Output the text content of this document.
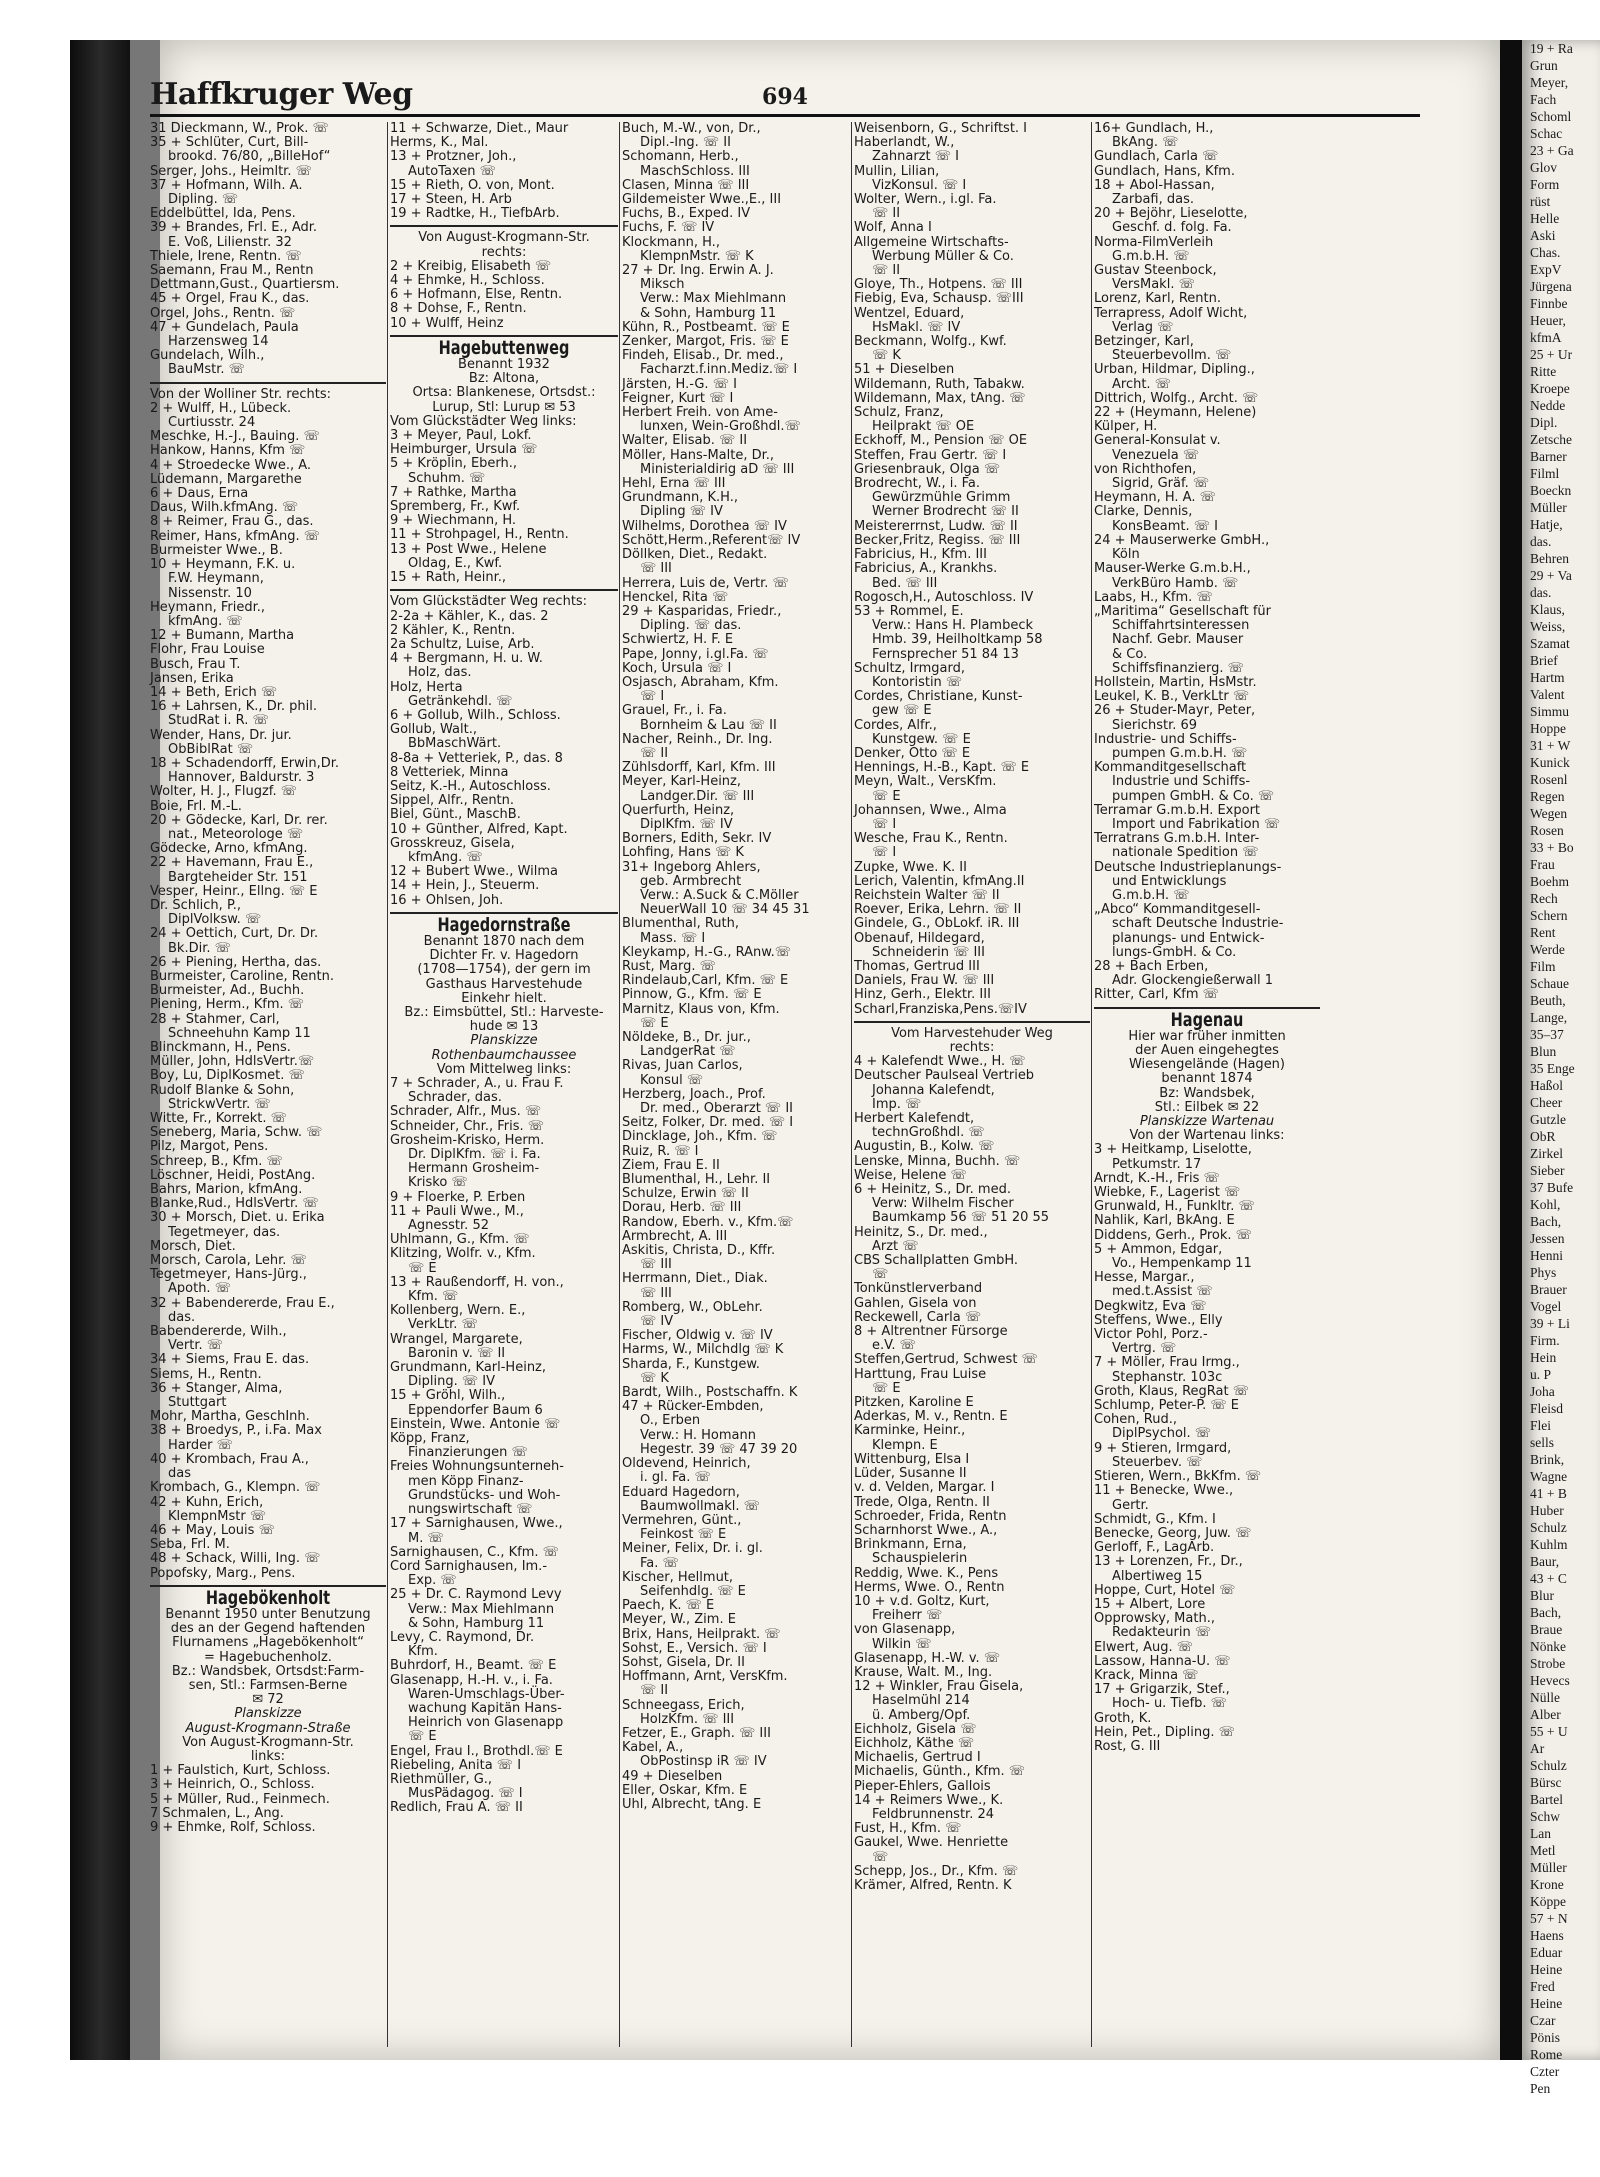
19 + Ra
Grun
Meyer,
Fach
Schoml
Schac
23 + Ga
Glov
Form
rüst
Helle
Aski
Chas.
ExpV
Jürgena
Finnbe
Heuer,
kfmA
25 + Ur
Ritte
Kroepe
Nedde
Dipl.
Zetsche
Barner
Filml
Boeckn
Müller
Hatje,
das.
Behren
29 + Va
das.
Klaus,
Weiss,
Szamat
Brief
Hartm
Valent
Simmu
Hoppe
31 + W
Kunick
Rosenl
Regen
Wegen
Rosen
33 + Bo
Frau
Boehm
Rech
Schern
Rent
Werde
Film
Schaue
Beuth,
Lange,
35–37
Blun
35 Enge
Haßol
Cheer
Gutzle
ObR
Zirkel
Sieber
37 Bufe
Kohl,
Bach,
Jessen
Henni
Phys
Brauer
Vogel
39 + Li
Firm.
Hein
u. P
Joha
Fleisd
Flei
sells
Brink,
Wagne
41 + B
Huber
Schulz
Kuhlm
Baur,
43 + C
Blur
Bach,
Braue
Nönke
Strobe
Hevecs
Nülle
Alber
55 + U
Ar
Schulz
Bürsc
Bartel
Schw
Lan
Metl
Müller
Krone
Köppe
57 + N
Haens
Eduar
Heine
Fred
Heine
Czar
Pönis
Rome
Czter
Pen
Haffkruger Weg	694
31 Dieckmann, W., Prok. ☏
35 + Schlüter, Curt, Bill-
brookd. 76/80, „BilleHof“
Serger, Johs., Heimltr. ☏
37 + Hofmann, Wilh. A.
Dipling. ☏
Eddelbüttel, Ida, Pens.
39 + Brandes, Frl. E., Adr.
E. Voß, Lilienstr. 32
Thiele, Irene, Rentn. ☏
Saemann, Frau M., Rentn
Dettmann,Gust., Quartiersm.
45 + Orgel, Frau K., das.
Orgel, Johs., Rentn. ☏
47 + Gundelach, Paula
Harzensweg 14
Gundelach, Wilh.,
BauMstr. ☏
Von der Wolliner Str. rechts:
2 + Wulff, H., Lübeck.
Curtiusstr. 24
Meschke, H.-J., Bauing. ☏
Hankow, Hanns, Kfm ☏
4 + Stroedecke Wwe., A.
Lüdemann, Margarethe
6 + Daus, Erna
Daus, Wilh.kfmAng. ☏
8 + Reimer, Frau G., das.
Reimer, Hans, kfmAng. ☏
Burmeister Wwe., B.
10 + Heymann, F.K. u.
F.W. Heymann,
Nissenstr. 10
Heymann, Friedr.,
kfmAng. ☏
12 + Bumann, Martha
Flohr, Frau Louise
Busch, Frau T.
Jansen, Erika
14 + Beth, Erich ☏
16 + Lahrsen, K., Dr. phil.
StudRat i. R. ☏
Wender, Hans, Dr. jur.
ObBiblRat ☏
18 + Schadendorff, Erwin,Dr.
Hannover, Baldurstr. 3
Wolter, H. J., Flugzf. ☏
Boie, Frl. M.-L.
20 + Gödecke, Karl, Dr. rer.
nat., Meteorologe ☏
Gödecke, Arno, kfmAng.
22 + Havemann, Frau E.,
Bargteheider Str. 151
Vesper, Heinr., Ellng. ☏ E
Dr. Schlich, P.,
DiplVolksw. ☏
24 + Oettich, Curt, Dr. Dr.
Bk.Dir. ☏
26 + Piening, Hertha, das.
Burmeister, Caroline, Rentn.
Burmeister, Ad., Buchh.
Piening, Herm., Kfm. ☏
28 + Stahmer, Carl,
Schneehuhn Kamp 11
Blinckmann, H., Pens.
Müller, John, HdlsVertr.☏
Boy, Lu, DiplKosmet. ☏
Rudolf Blanke & Sohn,
StrickwVertr. ☏
Witte, Fr., Korrekt. ☏
Seneberg, Maria, Schw. ☏
Pilz, Margot, Pens.
Schreep, B., Kfm. ☏
Löschner, Heidi, PostAng.
Bahrs, Marion, kfmAng.
Blanke,Rud., HdlsVertr. ☏
30 + Morsch, Diet. u. Erika
Tegetmeyer, das.
Morsch, Diet.
Morsch, Carola, Lehr. ☏
Tegetmeyer, Hans-Jürg.,
Apoth. ☏
32 + Babendererde, Frau E.,
das.
Babendererde, Wilh.,
Vertr. ☏
34 + Siems, Frau E. das.
Siems, H., Rentn.
36 + Stanger, Alma,
Stuttgart
Mohr, Martha, GeschInh.
38 + Broedys, P., i.Fa. Max
Harder ☏
40 + Krombach, Frau A.,
das
Krombach, G., Klempn. ☏
42 + Kuhn, Erich,
KlempnMstr ☏
46 + May, Louis ☏
Seba, Frl. M.
48 + Schack, Willi, Ing. ☏
Popofsky, Marg., Pens.
Hagebökenholt
Benannt 1950 unter Benutzung
des an der Gegend haftenden
Flurnamens „Hagebökenholt“
= Hagebuchenholz.
Bz.: Wandsbek, Ortsdst:Farm-
sen, Stl.: Farmsen-Berne
✉ 72
Planskizze
August-Krogmann-Straße
Von August-Krogmann-Str.
links:
1 + Faulstich, Kurt, Schloss.
3 + Heinrich, O., Schloss.
5 + Müller, Rud., Feinmech.
7 Schmalen, L., Ang.
9 + Ehmke, Rolf, Schloss.
11 + Schwarze, Diet., Maur
Herms, K., Mal.
13 + Protzner, Joh.,
AutoTaxen ☏
15 + Rieth, O. von, Mont.
17 + Steen, H. Arb
19 + Radtke, H., TiefbArb.
Von August-Krogmann-Str.
rechts:
2 + Kreibig, Elisabeth ☏
4 + Ehmke, H., Schloss.
6 + Hofmann, Else, Rentn.
8 + Dohse, F., Rentn.
10 + Wulff, Heinz
Hagebuttenweg
Benannt 1932
Bz: Altona,
Ortsa: Blankenese, Ortsdst.:
Lurup, Stl: Lurup ✉ 53
Vom Glückstädter Weg links:
3 + Meyer, Paul, Lokf.
Heimburger, Ursula ☏
5 + Kröplin, Eberh.,
Schuhm. ☏
7 + Rathke, Martha
Spremberg, Fr., Kwf.
9 + Wiechmann, H.
11 + Strohpagel, H., Rentn.
13 + Post Wwe., Helene
Oldag, E., Kwf.
15 + Rath, Heinr.,
Vom Glückstädter Weg rechts:
2-2a + Kähler, K., das. 2
2 Kähler, K., Rentn.
2a Schultz, Luise, Arb.
4 + Bergmann, H. u. W.
Holz, das.
Holz, Herta
Getränkehdl. ☏
6 + Gollub, Wilh., Schloss.
Gollub, Walt.,
BbMaschWärt.
8-8a + Vetteriek, P., das. 8
8 Vetteriek, Minna
Seitz, K.-H., Autoschloss.
Sippel, Alfr., Rentn.
Biel, Günt., MaschB.
10 + Günther, Alfred, Kapt.
Grosskreuz, Gisela,
kfmAng. ☏
12 + Bubert Wwe., Wilma
14 + Hein, J., Steuerm.
16 + Ohlsen, Joh.
Hagedornstraße
Benannt 1870 nach dem
Dichter Fr. v. Hagedorn
(1708—1754), der gern im
Gasthaus Harvestehude
Einkehr hielt.
Bz.: Eimsbüttel, Stl.: Harveste-
hude ✉ 13
Planskizze
Rothenbaumchaussee
Vom Mittelweg links:
7 + Schrader, A., u. Frau F.
Schrader, das.
Schrader, Alfr., Mus. ☏
Schneider, Chr., Fris. ☏
Grosheim-Krisko, Herm.
Dr. DiplKfm. ☏ i. Fa.
Hermann Grosheim-
Krisko ☏
9 + Floerke, P. Erben
11 + Pauli Wwe., M.,
Agnesstr. 52
Uhlmann, G., Kfm. ☏
Klitzing, Wolfr. v., Kfm.
☏ E
13 + Raußendorff, H. von.,
Kfm. ☏
Kollenberg, Wern. E.,
VerkLtr. ☏
Wrangel, Margarete,
Baronin v. ☏ II
Grundmann, Karl-Heinz,
Dipling. ☏ IV
15 + Gröhl, Wilh.,
Eppendorfer Baum 6
Einstein, Wwe. Antonie ☏
Köpp, Franz,
Finanzierungen ☏
Freies Wohnungsunterneh-
men Köpp Finanz-
Grundstücks- und Woh-
nungswirtschaft ☏
17 + Sarnighausen, Wwe.,
M. ☏
Sarnighausen, C., Kfm. ☏
Cord Sarnighausen, Im.-
Exp. ☏
25 + Dr. C. Raymond Levy
Verw.: Max Miehlmann
& Sohn, Hamburg 11
Levy, C. Raymond, Dr.
Kfm.
Buhrdorf, H., Beamt. ☏ E
Glasenapp, H.-H. v., i. Fa.
Waren-Umschlags-Über-
wachung Kapitän Hans-
Heinrich von Glasenapp
☏ E
Engel, Frau I., Brothdl.☏ E
Riebeling, Anita ☏ I
Riethmüller, G.,
MusPädagog. ☏ I
Redlich, Frau A. ☏ II
Buch, M.-W., von, Dr.,
Dipl.-Ing. ☏ II
Schomann, Herb.,
MaschSchloss. III
Clasen, Minna ☏ III
Gildemeister Wwe.,E., III
Fuchs, B., Exped. IV
Fuchs, F. ☏ IV
Klockmann, H.,
KlempnMstr. ☏ K
27 + Dr. Ing. Erwin A. J.
Miksch
Verw.: Max Miehlmann
& Sohn, Hamburg 11
Kühn, R., Postbeamt. ☏ E
Zenker, Margot, Fris. ☏ E
Findeh, Elisab., Dr. med.,
Facharzt.f.inn.Mediz.☏ I
Järsten, H.-G. ☏ I
Feigner, Kurt ☏ I
Herbert Freih. von Ame-
lunxen, Wein-Großhdl.☏
Walter, Elisab. ☏ II
Möller, Hans-Malte, Dr.,
Ministerialdirig aD ☏ III
Hehl, Erna ☏ III
Grundmann, K.H.,
Dipling ☏ IV
Wilhelms, Dorothea ☏ IV
Schött,Herm.,Referent☏ IV
Döllken, Diet., Redakt.
☏ III
Herrera, Luis de, Vertr. ☏
Henckel, Rita ☏
29 + Kasparidas, Friedr.,
Dipling. ☏ das.
Schwiertz, H. F. E
Pape, Jonny, i.gl.Fa. ☏
Koch, Ursula ☏ I
Osjasch, Abraham, Kfm.
☏ I
Grauel, Fr., i. Fa.
Bornheim & Lau ☏ II
Nacher, Reinh., Dr. Ing.
☏ II
Zühlsdorff, Karl, Kfm. III
Meyer, Karl-Heinz,
Landger.Dir. ☏ III
Querfurth, Heinz,
DiplKfm. ☏ IV
Borners, Edith, Sekr. IV
Lohfing, Hans ☏ K
31+ Ingeborg Ahlers,
geb. Armbrecht
Verw.: A.Suck & C.Möller
NeuerWall 10 ☏ 34 45 31
Blumenthal, Ruth,
Mass. ☏ I
Kleykamp, H.-G., RAnw.☏
Rust, Marg. ☏
Rindelaub,Carl, Kfm. ☏ E
Pinnow, G., Kfm. ☏ E
Marnitz, Klaus von, Kfm.
☏ E
Nöldeke, B., Dr. jur.,
LandgerRat ☏
Rivas, Juan Carlos,
Konsul ☏
Herzberg, Joach., Prof.
Dr. med., Oberarzt ☏ II
Seitz, Folker, Dr. med. ☏ I
Dincklage, Joh., Kfm. ☏
Ruiz, R. ☏ I
Ziem, Frau E. II
Blumenthal, H., Lehr. II
Schulze, Erwin ☏ II
Dorau, Herb. ☏ III
Randow, Eberh. v., Kfm.☏
Armbrecht, A. III
Askitis, Christa, D., Kffr.
☏ III
Herrmann, Diet., Diak.
☏ III
Romberg, W., ObLehr.
☏ IV
Fischer, Oldwig v. ☏ IV
Harms, W., Milchdlg ☏ K
Sharda, F., Kunstgew.
☏ K
Bardt, Wilh., Postschaffn. K
47 + Rücker-Embden,
O., Erben
Verw.: H. Homann
Hegestr. 39 ☏ 47 39 20
Oldevend, Heinrich,
i. gl. Fa. ☏
Eduard Hagedorn,
Baumwollmakl. ☏
Vermehren, Günt.,
Feinkost ☏ E
Meiner, Felix, Dr. i. gl.
Fa. ☏
Kischer, Hellmut,
Seifenhdlg. ☏ E
Paech, K. ☏ E
Meyer, W., Zim. E
Brix, Hans, Heilprakt. ☏
Sohst, E., Versich. ☏ I
Sohst, Gisela, Dr. II
Hoffmann, Arnt, VersKfm.
☏ II
Schneegass, Erich,
HolzKfm. ☏ III
Fetzer, E., Graph. ☏ III
Kabel, A.,
ObPostinsp iR ☏ IV
49 + Dieselben
Eller, Oskar, Kfm. E
Uhl, Albrecht, tAng. E
Weisenborn, G., Schriftst. I
Haberlandt, W.,
Zahnarzt ☏ I
Mullin, Lilian,
VizKonsul. ☏ I
Wolter, Wern., i.gl. Fa.
☏ II
Wolf, Anna I
Allgemeine Wirtschafts-
Werbung Müller & Co.
☏ II
Gloye, Th., Hotpens. ☏ III
Fiebig, Eva, Schausp. ☏III
Wentzel, Eduard,
HsMakl. ☏ IV
Beckmann, Wolfg., Kwf.
☏ K
51 + Dieselben
Wildemann, Ruth, Tabakw.
Wildemann, Max, tAng. ☏
Schulz, Franz,
Heilprakt ☏ OE
Eckhoff, M., Pension ☏ OE
Steffen, Frau Gertr. ☏ I
Griesenbrauk, Olga ☏
Brodrecht, W., i. Fa.
Gewürzmühle Grimm
Werner Brodrecht ☏ II
Meistererrnst, Ludw. ☏ II
Becker,Fritz, Regiss. ☏ III
Fabricius, H., Kfm. III
Fabricius, A., Krankhs.
Bed. ☏ III
Rogosch,H., Autoschloss. IV
53 + Rommel, E.
Verw.: Hans H. Plambeck
Hmb. 39, Heilholtkamp 58
Fernsprecher 51 84 13
Schultz, Irmgard,
Kontoristin ☏
Cordes, Christiane, Kunst-
gew ☏ E
Cordes, Alfr.,
Kunstgew. ☏ E
Denker, Otto ☏ E
Hennings, H.-B., Kapt. ☏ E
Meyn, Walt., VersKfm.
☏ E
Johannsen, Wwe., Alma
☏ I
Wesche, Frau K., Rentn.
☏ I
Zupke, Wwe. K. II
Lerich, Valentin, kfmAng.II
Reichstein Walter ☏ II
Roever, Erika, Lehrn. ☏ II
Gindele, G., ObLokf. iR. III
Obenauf, Hildegard,
Schneiderin ☏ III
Thomas, Gertrud III
Daniels, Frau W. ☏ III
Hinz, Gerh., Elektr. III
Scharl,Franziska,Pens.☏IV
Vom Harvestehuder Weg
rechts:
4 + Kalefendt Wwe., H. ☏
Deutscher Paulseal Vertrieb
Johanna Kalefendt,
Imp. ☏
Herbert Kalefendt,
technGroßhdl. ☏
Augustin, B., Kolw. ☏
Lenske, Minna, Buchh. ☏
Weise, Helene ☏
6 + Heinitz, S., Dr. med.
Verw: Wilhelm Fischer
Baumkamp 56 ☏ 51 20 55
Heinitz, S., Dr. med.,
Arzt ☏
CBS Schallplatten GmbH.
☏
Tonkünstlerverband
Gahlen, Gisela von
Reckewell, Carla ☏
8 + Altrentner Fürsorge
e.V. ☏
Steffen,Gertrud, Schwest ☏
Harttung, Frau Luise
☏ E
Pitzken, Karoline E
Aderkas, M. v., Rentn. E
Karminke, Heinr.,
Klempn. E
Wittenburg, Elsa I
Lüder, Susanne II
v. d. Velden, Margar. I
Trede, Olga, Rentn. II
Schroeder, Frida, Rentn
Scharnhorst Wwe., A.,
Brinkmann, Erna,
Schauspielerin
Reddig, Wwe. K., Pens
Herms, Wwe. O., Rentn
10 + v.d. Goltz, Kurt,
Freiherr ☏
von Glasenapp,
Wilkin ☏
Glasenapp, H.-W. v. ☏
Krause, Walt. M., Ing.
12 + Winkler, Frau Gisela,
Haselmühl 214
ü. Amberg/Opf.
Eichholz, Gisela ☏
Eichholz, Käthe ☏
Michaelis, Gertrud I
Michaelis, Günth., Kfm. ☏
Pieper-Ehlers, Gallois
14 + Reimers Wwe., K.
Feldbrunnenstr. 24
Fust, H., Kfm. ☏
Gaukel, Wwe. Henriette
☏
Schepp, Jos., Dr., Kfm. ☏
Krämer, Alfred, Rentn. K
16+ Gundlach, H.,
BkAng. ☏
Gundlach, Carla ☏
Gundlach, Hans, Kfm.
18 + Abol-Hassan,
Zarbafi, das.
20 + Bejöhr, Lieselotte,
Geschf. d. folg. Fa.
Norma-FilmVerleih
G.m.b.H. ☏
Gustav Steenbock,
VersMakl. ☏
Lorenz, Karl, Rentn.
Terrapress, Adolf Wicht,
Verlag ☏
Betzinger, Karl,
Steuerbevollm. ☏
Urban, Hildmar, Dipling.,
Archt. ☏
Dittrich, Wolfg., Archt. ☏
22 + (Heymann, Helene)
Külper, H.
General-Konsulat v.
Venezuela ☏
von Richthofen,
Sigrid, Gräf. ☏
Heymann, H. A. ☏
Clarke, Dennis,
KonsBeamt. ☏ I
24 + Mauserwerke GmbH.,
Köln
Mauser-Werke G.m.b.H.,
VerkBüro Hamb. ☏
Laabs, H., Kfm. ☏
„Maritima“ Gesellschaft für
Schiffahrtsinteressen
Nachf. Gebr. Mauser
& Co.
Schiffsfinanzierg. ☏
Hollstein, Martin, HsMstr.
Leukel, K. B., VerkLtr ☏
26 + Studer-Mayr, Peter,
Sierichstr. 69
Industrie- und Schiffs-
pumpen G.m.b.H. ☏
Kommanditgesellschaft
Industrie und Schiffs-
pumpen GmbH. & Co. ☏
Terramar G.m.b.H. Export
Import und Fabrikation ☏
Terratrans G.m.b.H. Inter-
nationale Spedition ☏
Deutsche Industrieplanungs-
und Entwicklungs
G.m.b.H. ☏
„Abco“ Kommanditgesell-
schaft Deutsche Industrie-
planungs- und Entwick-
lungs-GmbH. & Co.
28 + Bach Erben,
Adr. Glockengießerwall 1
Ritter, Carl, Kfm ☏
Hagenau
Hier war früher inmitten
der Auen eingehegtes
Wiesengelände (Hagen)
benannt 1874
Bz: Wandsbek,
Stl.: Eilbek ✉ 22
Planskizze Wartenau
Von der Wartenau links:
3 + Heitkamp, Liselotte,
Petkumstr. 17
Arndt, K.-H., Fris ☏
Wiebke, F., Lagerist ☏
Grunwald, H., Funkltr. ☏
Nahlik, Karl, BkAng. E
Diddens, Gerh., Prok. ☏
5 + Ammon, Edgar,
Vo., Hempenkamp 11
Hesse, Margar.,
med.t.Assist ☏
Degkwitz, Eva ☏
Steffens, Wwe., Elly
Victor Pohl, Porz.-
Vertrg. ☏
7 + Möller, Frau Irmg.,
Stephanstr. 103c
Groth, Klaus, RegRat ☏
Schlump, Peter-P. ☏ E
Cohen, Rud.,
DiplPsychol. ☏
9 + Stieren, Irmgard,
Steuerbev. ☏
Stieren, Wern., BkKfm. ☏
11 + Benecke, Wwe.,
Gertr.
Schmidt, G., Kfm. I
Benecke, Georg, Juw. ☏
Gerloff, F., LagArb.
13 + Lorenzen, Fr., Dr.,
Albertiweg 15
Hoppe, Curt, Hotel ☏
15 + Albert, Lore
Opprowsky, Math.,
Redakteurin ☏
Elwert, Aug. ☏
Lassow, Hanna-U. ☏
Krack, Minna ☏
17 + Grigarzik, Stef.,
Hoch- u. Tiefb. ☏
Groth, K.
Hein, Pet., Dipling. ☏
Rost, G. III
